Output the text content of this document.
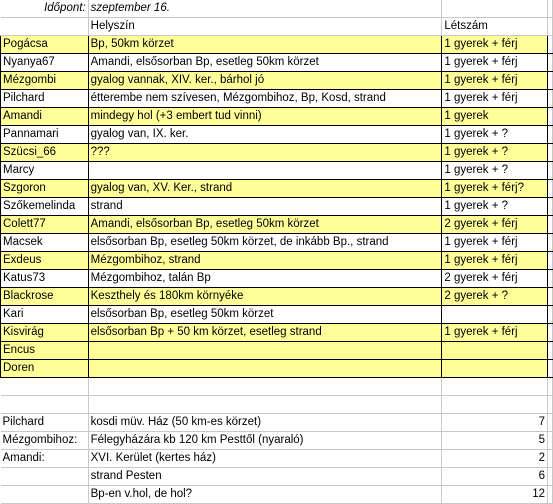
Időpont:	szeptember 16.		
	Helyszín	Létszám	
Pogácsa	Bp, 50km körzet	1 gyerek + férj	
Nyanya67	Amandi, elsősorban Bp, esetleg 50km körzet	1 gyerek + férj	
Mézgombi	gyalog vannak, XIV. ker., bárhol jó	1 gyerek + férj	
Pilchard	étterembe nem szívesen, Mézgombihoz, Bp, Kosd, strand	1 gyerek + férj	
Amandi	mindegy hol (+3 embert tud vinni)	1 gyerek	
Pannamari	gyalog van, IX. ker.	1 gyerek + ?	
Szücsi_66	???	1 gyerek + ?	
Marcy		1 gyerek + ?	
Szgoron	gyalog van, XV. Ker., strand	1 gyerek + férj?	
Szőkemelinda	strand	1 gyerek + ?	
Colett77	Amandi, elsősorban Bp, esetleg 50km körzet	2 gyerek + férj	
Macsek	elsősorban Bp, esetleg 50km körzet, de inkább Bp., strand	1 gyerek + férj	
Exdeus	Mézgombihoz, strand	1 gyerek + férj	
Katus73	Mézgombihoz, talán Bp	2 gyerek + férj	
Blackrose	Keszthely és 180km környéke	2 gyerek + ?	
Kari	elsősorban Bp, esetleg 50km körzet		
Kisvirág	elsősorban Bp + 50 km körzet, esetleg strand	1 gyerek + férj	
Encus			
Doren			

Pilchard	kosdi müv. Ház (50 km-es körzet)	7	
Mézgombihoz:	Félegyházára kb 120 km Pesttől (nyaraló)	5	
Amandi:	XVI. Kerület (kertes ház)	2	
	strand Pesten	6	
	Bp-en v.hol, de hol?	12	
